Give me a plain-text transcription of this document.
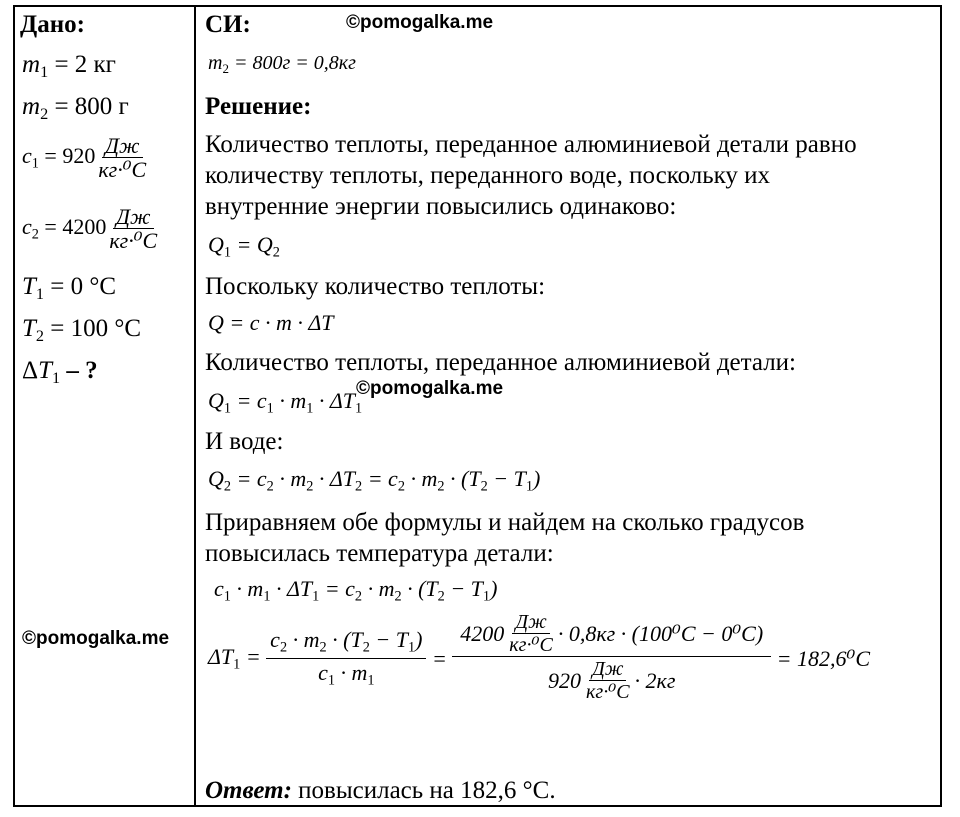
©pomogalka.me
©pomogalka.me
©pomogalka.me
Дано:
$m_1 = 2$ кг
$m_2 = 800$ г
$c_1 = 920 \frac{Дж}{\text{кг·⁰C}}$
$c_2 = 4200 \frac{Дж}{\text{кг·⁰C}}$
$T_1 = 0$ °C
$T_2 = 100$ °C
$\Delta T_1$ – ?
СИ:
$m_2 = 800г = 0,8кг$
Решение:
Количество теплоты, переданное алюминиевой детали равно
количеству теплоты, переданного воде, поскольку их
внутренние энергии повысились одинаково:
$Q_1 = Q_2$
Поскольку количество теплоты:
Q = c · m · ΔT
Количество теплоты, переданное алюминиевой детали:
$Q_1 = c_1 \cdot m_1 \cdot \Delta T_1$
И воде:
$Q_2 = c_2 \cdot m_2 \cdot \Delta T_2 = c_2 \cdot m_2 \cdot (T_2 - T_1)$
Приравняем обе формулы и найдем на сколько градусов
повысилась температура детали:
$c_1 \cdot m_1 \cdot \Delta T_1 = c_2 \cdot m_2 \cdot (T_2 - T_1)$
$\Delta T_1 = \frac{c_2 \cdot m_2 \cdot (T_2 - T_1)}{c_1 \cdot m_1} = \frac{4200 \frac{Дж}{\text{кг·⁰C}} \cdot 0,8кг \cdot (100^0C - 0^0C)}{920 \frac{Дж}{\text{кг·⁰C}} \cdot 2кг}$
= 182,6⁰C
Ответ: повысилась на 182,6 °C.
